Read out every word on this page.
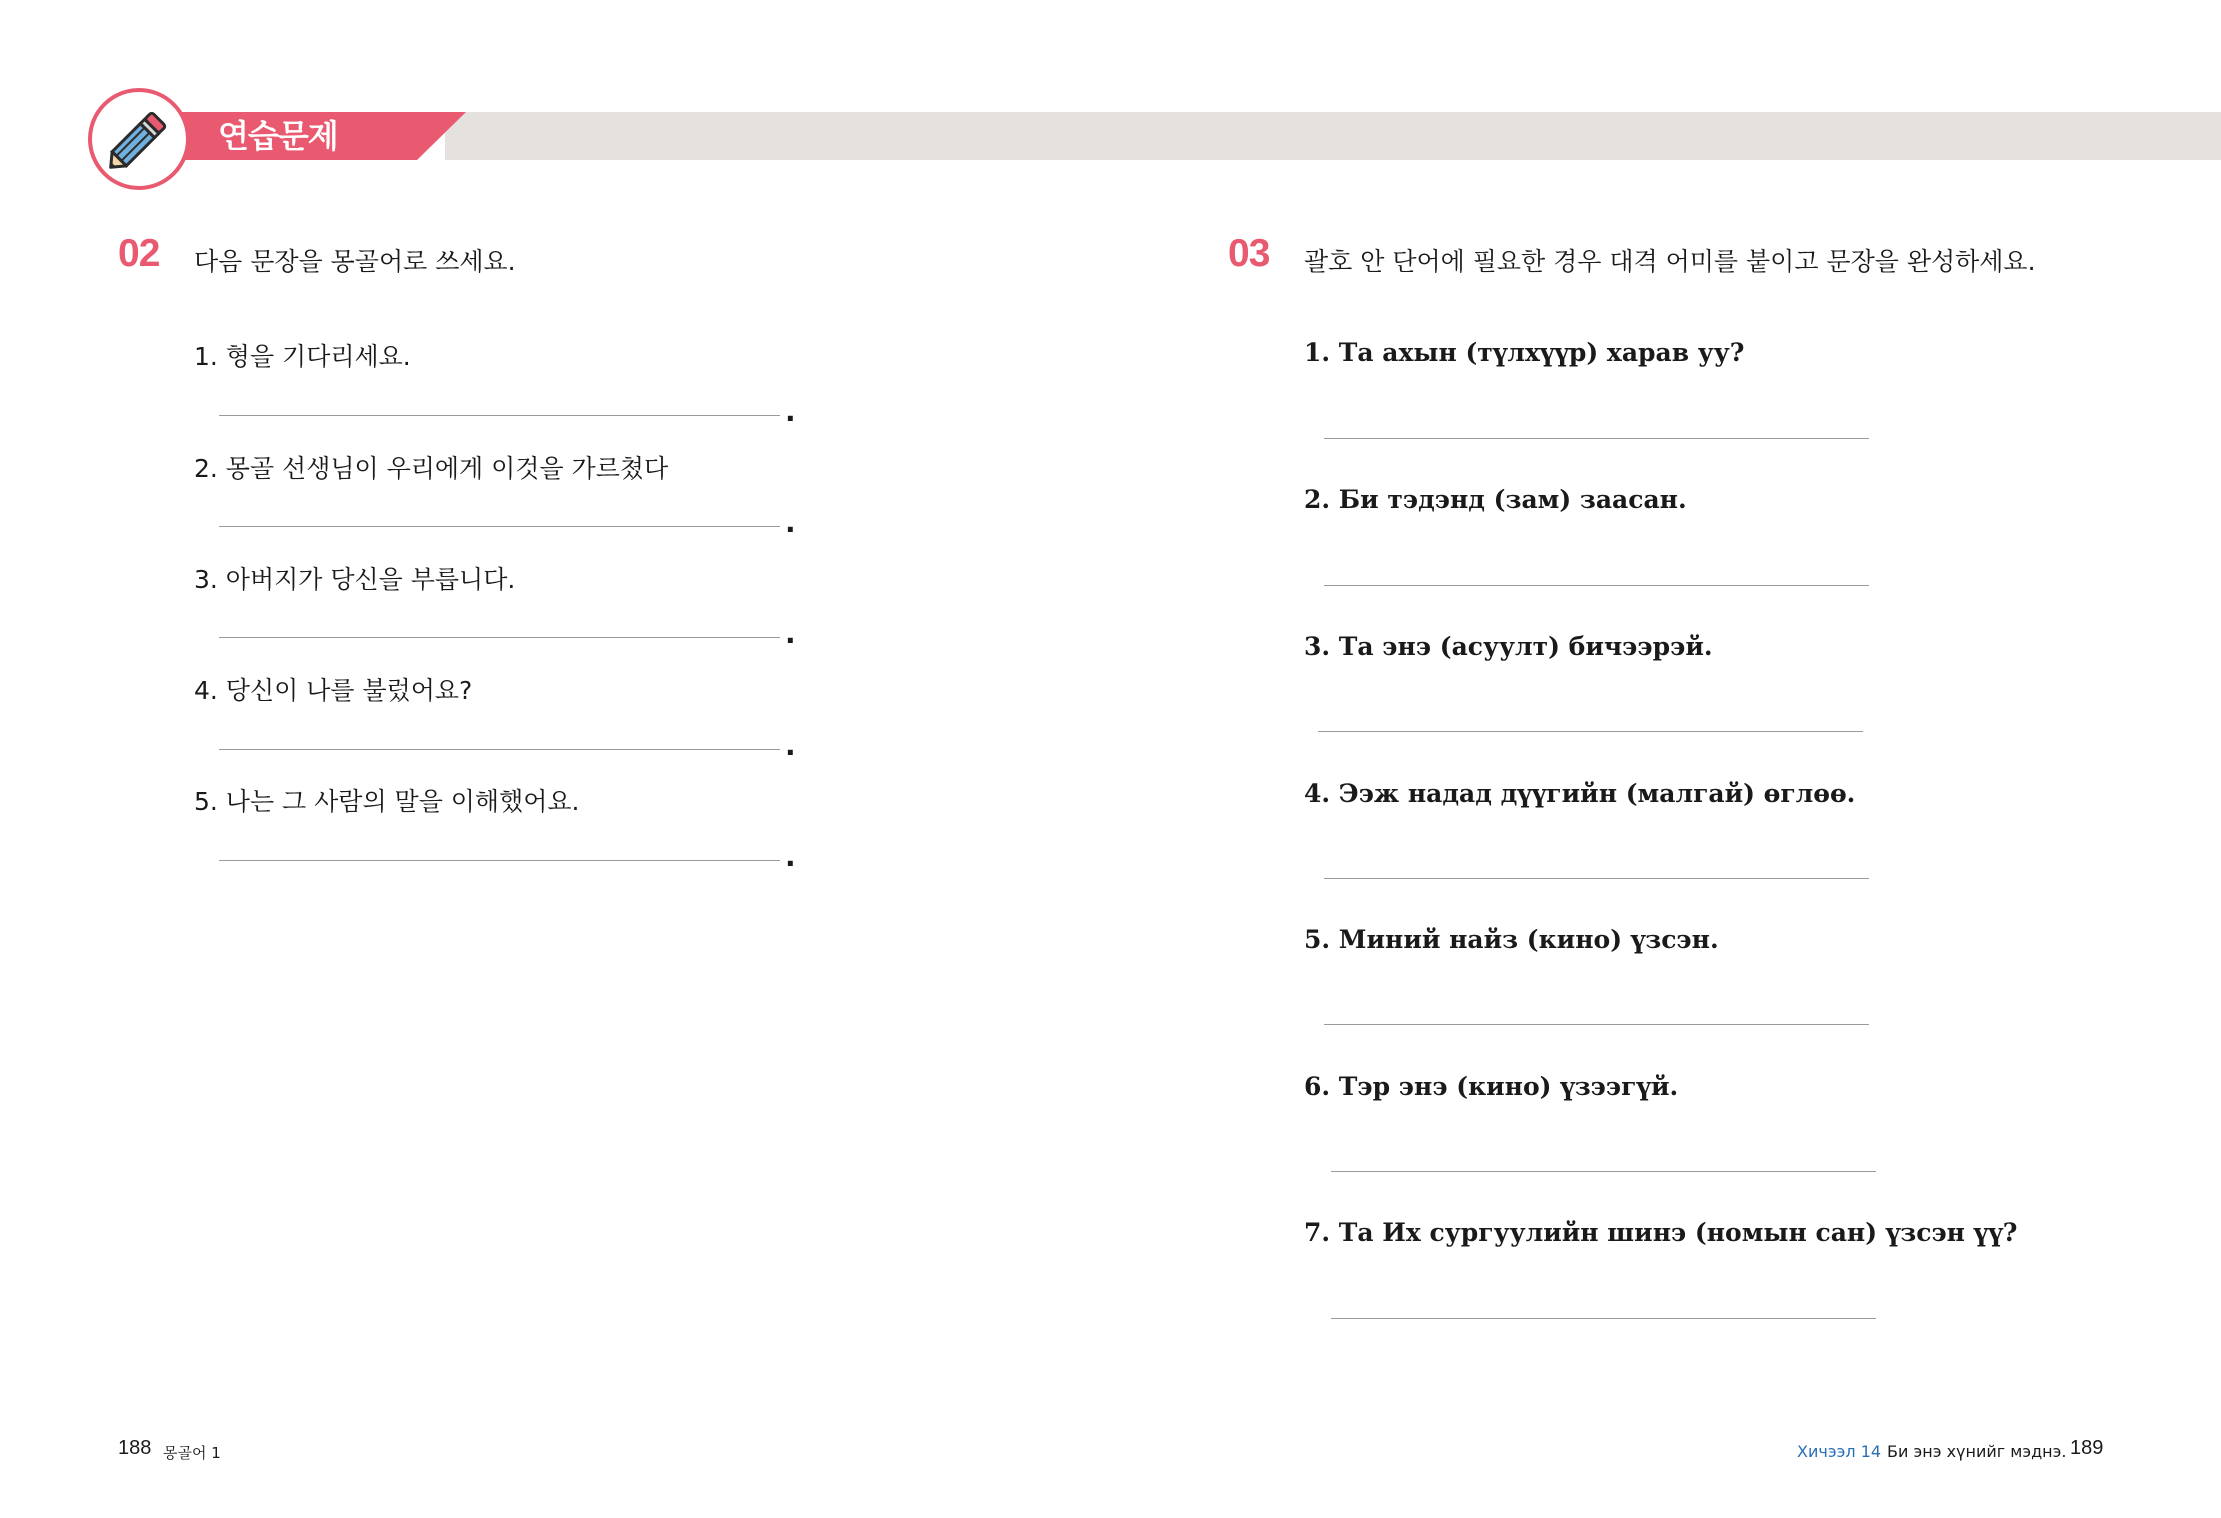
연습문제
02 다음 문장을 몽골어로 쓰세요.
1. 형을 기다리세요.
.
2. 몽골 선생님이 우리에게 이것을 가르쳤다
.
3. 아버지가 당신을 부릅니다.
.
4. 당신이 나를 불렀어요?
.
5. 나는 그 사람의 말을 이해했어요.
.
03 괄호 안 단어에 필요한 경우 대격 어미를 붙이고 문장을 완성하세요.
1. Та ахын (түлхүүр) харав уу?
2. Би тэдэнд (зам) заасан.
3. Та энэ (асуулт) бичээрэй.
4. Ээж надад дүүгийн (малгай) өглөө.
5. Миний найз (кино) үзсэн.
6. Тэр энэ (кино) үзээгүй.
7. Та Их сургуулийн шинэ (номын сан) үзсэн үү?
188 몽골어 1	Хичээл 14 Би энэ хүнийг мэднэ. 189
